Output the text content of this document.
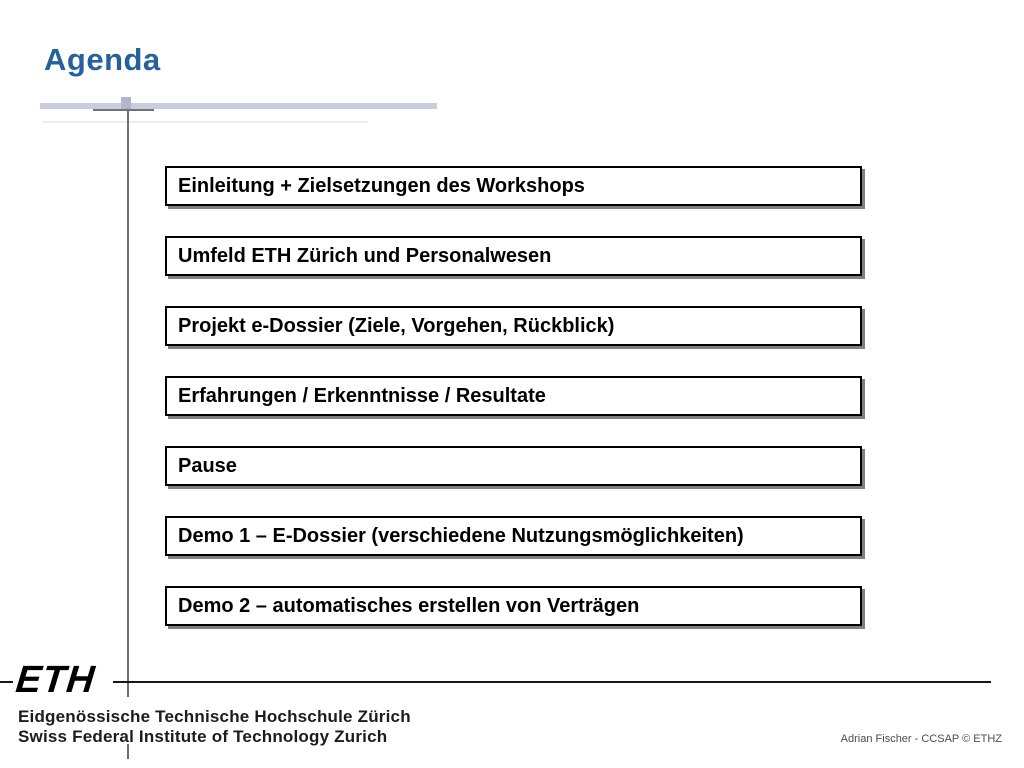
Agenda
Einleitung + Zielsetzungen des Workshops
Umfeld ETH Zürich und Personalwesen
Projekt e-Dossier (Ziele, Vorgehen, Rückblick)
Erfahrungen / Erkenntnisse / Resultate
Pause
Demo 1 – E-Dossier (verschiedene Nutzungsmöglichkeiten)
Demo 2 – automatisches erstellen von Verträgen
ETH
Eidgenössische Technische Hochschule Zürich
Swiss Federal Institute of Technology Zurich	Adrian Fischer - CCSAP © ETHZ
